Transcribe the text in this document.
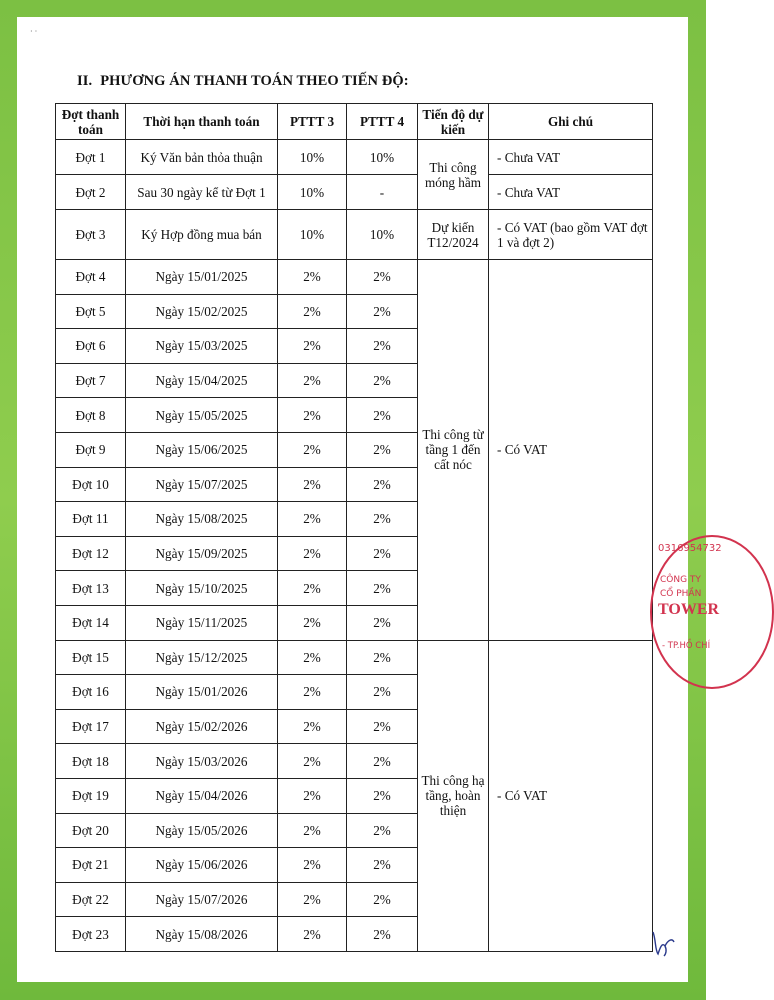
· ·
II. PHƯƠNG ÁN THANH TOÁN THEO TIẾN ĐỘ:
Đợt thanh toán	Thời hạn thanh toán	PTTT 3	PTTT 4	Tiến độ dự kiến	Ghi chú
Đợt 1	Ký Văn bản thỏa thuận	10%	10%	Thi công móng hầm	- Chưa VAT
Đợt 2	Sau 30 ngày kể từ Đợt 1	10%	-		- Chưa VAT
Đợt 3	Ký Hợp đồng mua bán	10%	10%	Dự kiến T12/2024	- Có VAT (bao gồm VAT đợt 1 và đợt 2)
Đợt 4	Ngày 15/01/2025	2%	2%	Thi công từ tầng 1 đến cất nóc	- Có VAT
Đợt 5	Ngày 15/02/2025	2%	2%		
Đợt 6	Ngày 15/03/2025	2%	2%		
Đợt 7	Ngày 15/04/2025	2%	2%		
Đợt 8	Ngày 15/05/2025	2%	2%		
Đợt 9	Ngày 15/06/2025	2%	2%		
Đợt 10	Ngày 15/07/2025	2%	2%		
Đợt 11	Ngày 15/08/2025	2%	2%		
Đợt 12	Ngày 15/09/2025	2%	2%		
Đợt 13	Ngày 15/10/2025	2%	2%		
Đợt 14	Ngày 15/11/2025	2%	2%		
Đợt 15	Ngày 15/12/2025	2%	2%	Thi công hạ tầng, hoàn thiện	- Có VAT
Đợt 16	Ngày 15/01/2026	2%	2%		
Đợt 17	Ngày 15/02/2026	2%	2%		
Đợt 18	Ngày 15/03/2026	2%	2%		
Đợt 19	Ngày 15/04/2026	2%	2%		
Đợt 20	Ngày 15/05/2026	2%	2%		
Đợt 21	Ngày 15/06/2026	2%	2%		
Đợt 22	Ngày 15/07/2026	2%	2%		
Đợt 23	Ngày 15/08/2026	2%	2%		
0316954732
CÔNG TY
CỔ PHẦN
TOWER
- TP.HỒ CHÍ
